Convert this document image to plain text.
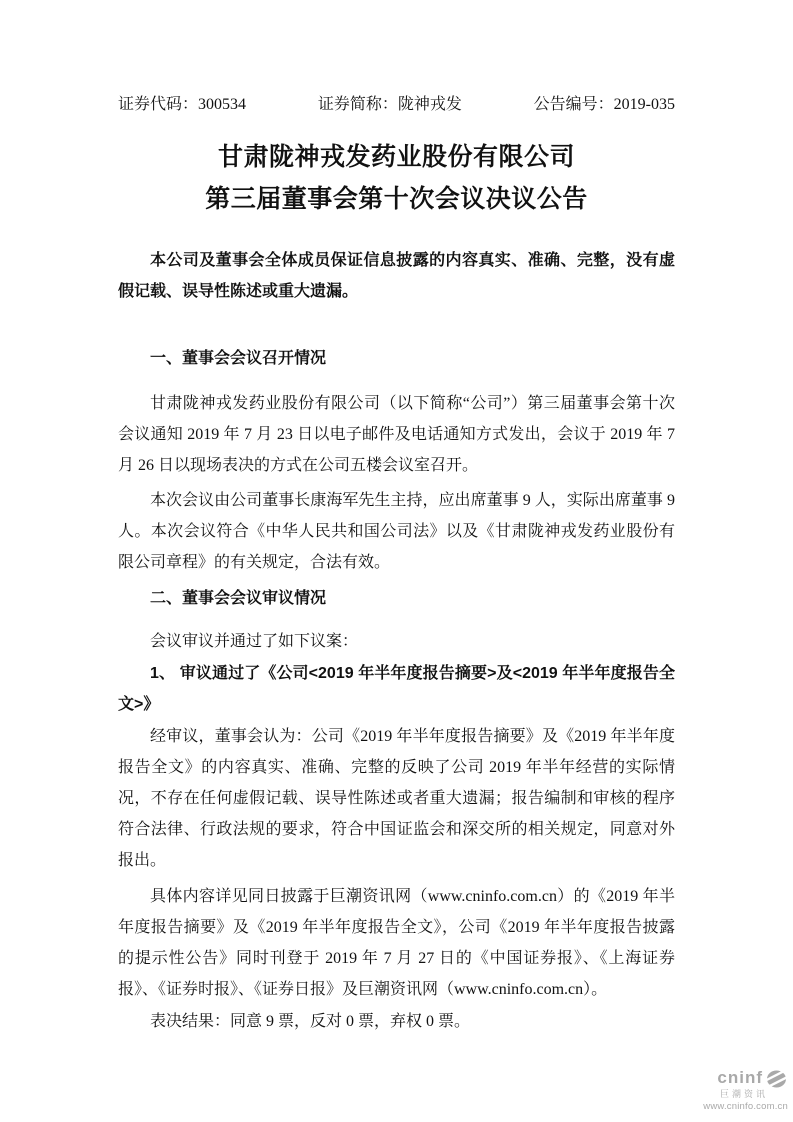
证券代码：300534	证券简称：陇神戎发	公告编号：2019-035
甘肃陇神戎发药业股份有限公司
第三届董事会第十次会议决议公告

本公司及董事会全体成员保证信息披露的内容真实、准确、完整，没有虚假记载、误导性陈述或重大遗漏。

一、董事会会议召开情况

甘肃陇神戎发药业股份有限公司（以下简称“公司”）第三届董事会第十次会议通知 2019 年 7 月 23 日以电子邮件及电话通知方式发出，会议于 2019 年 7 月 26 日以现场表决的方式在公司五楼会议室召开。

本次会议由公司董事长康海军先生主持，应出席董事 9 人，实际出席董事 9 人。本次会议符合《中华人民共和国公司法》以及《甘肃陇神戎发药业股份有限公司章程》的有关规定，合法有效。

二、董事会会议审议情况

会议审议并通过了如下议案：

1、 审议通过了《公司<2019 年半年度报告摘要>及<2019 年半年度报告全文>》

经审议，董事会认为：公司《2019 年半年度报告摘要》及《2019 年半年度报告全文》的内容真实、准确、完整的反映了公司 2019 年半年经营的实际情况，不存在任何虚假记载、误导性陈述或者重大遗漏；报告编制和审核的程序符合法律、行政法规的要求，符合中国证监会和深交所的相关规定，同意对外报出。

具体内容详见同日披露于巨潮资讯网（www.cninfo.com.cn）的《2019 年半年度报告摘要》及《2019 年半年度报告全文》，公司《2019 年半年度报告披露的提示性公告》同时刊登于 2019 年 7 月 27 日的《中国证券报》、《上海证券报》、《证券时报》、《证券日报》及巨潮资讯网（www.cninfo.com.cn）。

表决结果：同意 9 票，反对 0 票，弃权 0 票。

cninf
巨潮资讯
www.cninfo.com.cn
